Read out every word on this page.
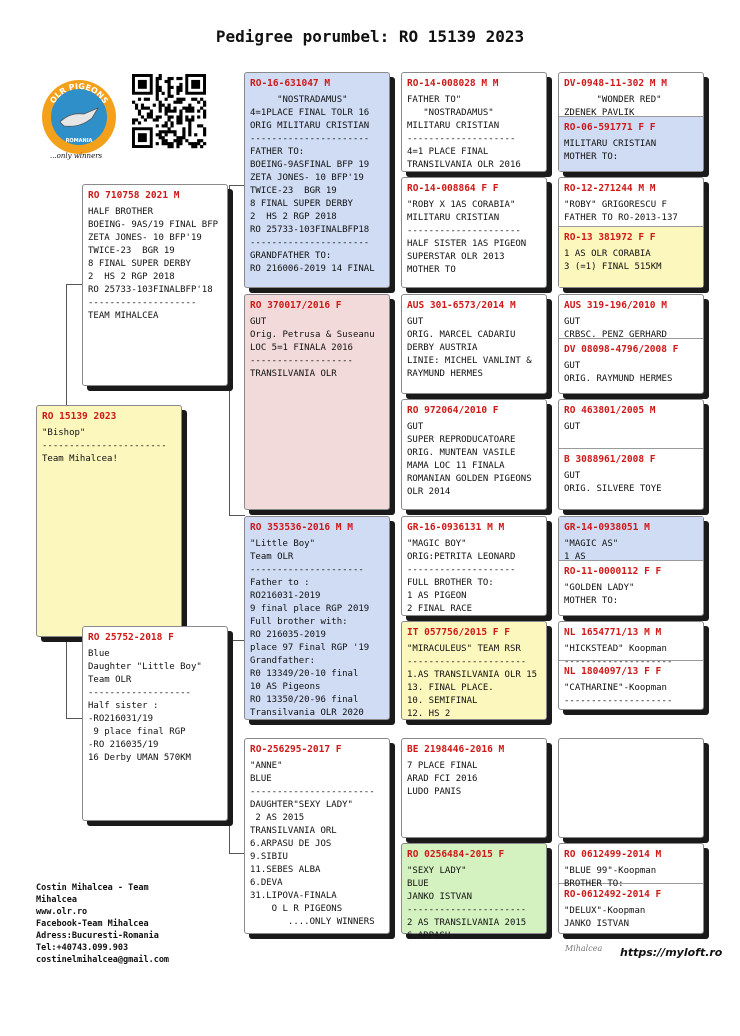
Pedigree porumbel: RO 15139 2023
OLR PIGEONS
ROMANIA
...only winners
RO 15139 2023
"Bishop"
-----------------------
Team Mihalcea!
RO 710758 2021 M
HALF BROTHER
BOEING- 9AS/19 FINAL BFP
ZETA JONES- 10 BFP'19
TWICE-23  BGR 19
8 FINAL SUPER DERBY
2  HS 2 RGP 2018
RO 25733-103FINALBFP'18
--------------------
TEAM MIHALCEA
RO 25752-2018 F
Blue
Daughter "Little Boy"
Team OLR
-------------------
Half sister :
-RO216031/19
9 place final RGP
-RO 216035/19
16 Derby UMAN 570KM
RO-16-631047 M
"NOSTRADAMUS"
4=1PLACE FINAL TOLR 16
ORIG MILITARU CRISTIAN
----------------------
FATHER TO:
BOEING-9ASFINAL BFP 19
ZETA JONES- 10 BFP'19
TWICE-23  BGR 19
8 FINAL SUPER DERBY
2  HS 2 RGP 2018
RO 25733-103FINALBFP18
----------------------
GRANDFATHER TO:
RO 216006-2019 14 FINAL
RO 370017/2016 F
GUT
Orig. Petrusa & Suseanu
LOC 5=1 FINALA 2016
-------------------
TRANSILVANIA OLR
RO 353536-2016 M M
"Little Boy"
Team OLR
---------------------
Father to :
RO216031-2019
9 final place RGP 2019
Full brother with:
RO 216035-2019
place 97 Final RGP '19
Grandfather:
R0 13349/20-10 final
10 AS Pigeons
RO 13350/20-96 final
Transilvania OLR 2020
RO-256295-2017 F
"ANNE"
BLUE
-----------------------
DAUGHTER"SEXY LADY"
2 AS 2015
TRANSILVANIA ORL
6.ARPASU DE JOS
9.SIBIU
11.SEBES ALBA
6.DEVA
31.LIPOVA-FINALA
O L R PIGEONS
....ONLY WINNERS
RO-14-008028 M M
FATHER TO"
"NOSTRADAMUS"
MILITARU CRISTIAN
--------------------
4=1 PLACE FINAL
TRANSILVANIA OLR 2016
RO-14-008864 F F
"ROBY X 1AS CORABIA"
MILITARU CRISTIAN
---------------------
HALF SISTER 1AS PIGEON
SUPERSTAR OLR 2013
MOTHER TO
AUS 301-6573/2014 M
GUT
ORIG. MARCEL CADARIU
DERBY AUSTRIA
LINIE: MICHEL VANLINT &
RAYMUND HERMES
RO 972064/2010 F
GUT
SUPER REPRODUCATOARE
ORIG. MUNTEAN VASILE
MAMA LOC 11 FINALA
ROMANIAN GOLDEN PIGEONS
OLR 2014
GR-16-0936131 M M
"MAGIC BOY"
ORIG:PETRITA LEONARD
--------------------
FULL BROTHER TO:
1 AS PIGEON
2 FINAL RACE
IT 057756/2015 F F
"MIRACULEUS" TEAM RSR
----------------------
1.AS TRANSILVANIA OLR 15
13. FINAL PLACE.
10. SEMIFINAL
12. HS 2
BE 2198446-2016 M
7 PLACE FINAL
ARAD FCI 2016
LUDO PANIS
RO 0256484-2015 F
"SEXY LADY"
BLUE
JANKO ISTVAN
----------------------
2 AS TRANSILVANIA 2015
6.ARPASU
DV-0948-11-302 M M
"WONDER RED"
ZDENEK PAVLIK
RO-06-591771 F F
MILITARU CRISTIAN
MOTHER TO:
RO-12-271244 M M
"ROBY" GRIGORESCU F
FATHER TO RO-2013-137
RO-13 381972 F F
1 AS OLR CORABIA
3 (=1) FINAL 515KM
AUS 319-196/2010 M
GUT
CRBSC. PENZ GERHARD
DV 08098-4796/2008 F
GUT
ORIG. RAYMUND HERMES
RO 463801/2005 M
GUT
B 3088961/2008 F
GUT
ORIG. SILVERE TOYE
GR-14-0938051 M
"MAGIC AS"
1 AS
RO-11-0000112 F F
"GOLDEN LADY"
MOTHER TO:
NL 1654771/13 M M
"HICKSTEAD" Koopman
--------------------
NL 1804097/13 F F
"CATHARINE"-Koopman
--------------------
RO 0612499-2014 M
"BLUE 99"-Koopman
BROTHER TO:
RO-0612492-2014 F
"DELUX"-Koopman
JANKO ISTVAN
Costin Mihalcea - Team
Mihalcea
www.olr.ro
Facebook-Team Mihalcea
Adress:Bucuresti-Romania
Tel:+40743.099.903
costinelmihalcea@gmail.com
Mihalcea https://myloft.ro
